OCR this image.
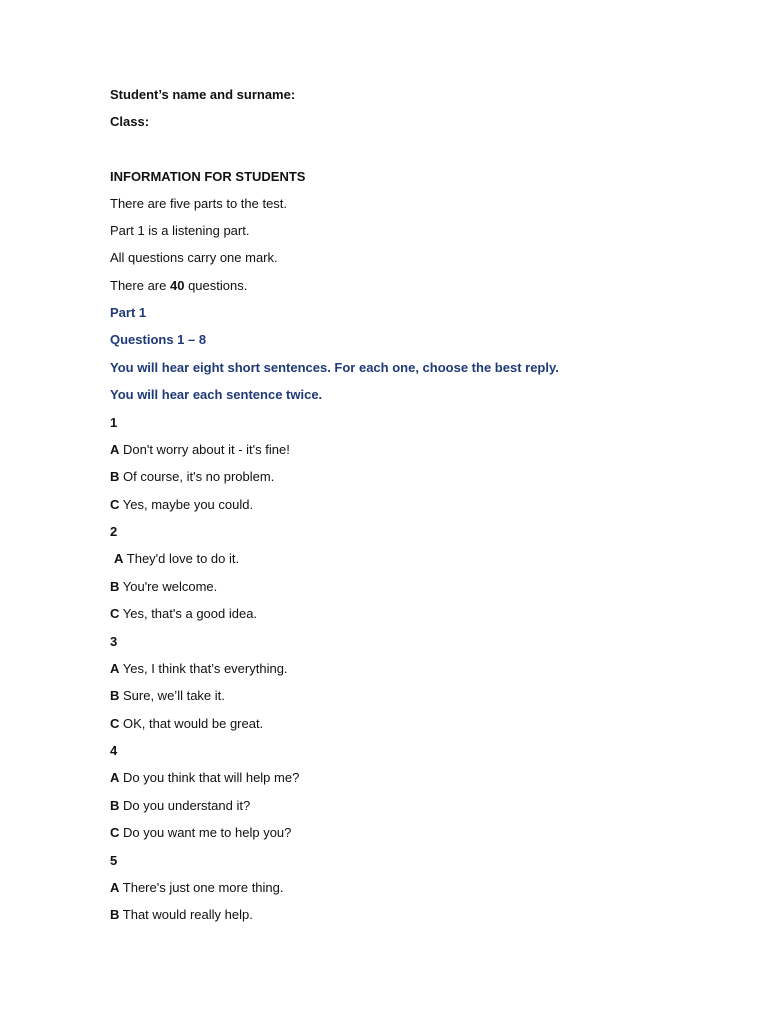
Student’s name and surname:

Class:

INFORMATION FOR STUDENTS

There are five parts to the test.

Part 1 is a listening part.

All questions carry one mark.

There are 40 questions.

Part 1

Questions 1 – 8

You will hear eight short sentences. For each one, choose the best reply.

You will hear each sentence twice.

1

A Don't worry about it - it's fine!

B Of course, it's no problem.

C Yes, maybe you could.

2

A They'd love to do it.

B You're welcome.

C Yes, that's a good idea.

3

A Yes, I think that’s everything.

B Sure, we’ll take it.

C OK, that would be great.

4

A Do you think that will help me?

B Do you understand it?

C Do you want me to help you?

5

A There's just one more thing.

B That would really help.
